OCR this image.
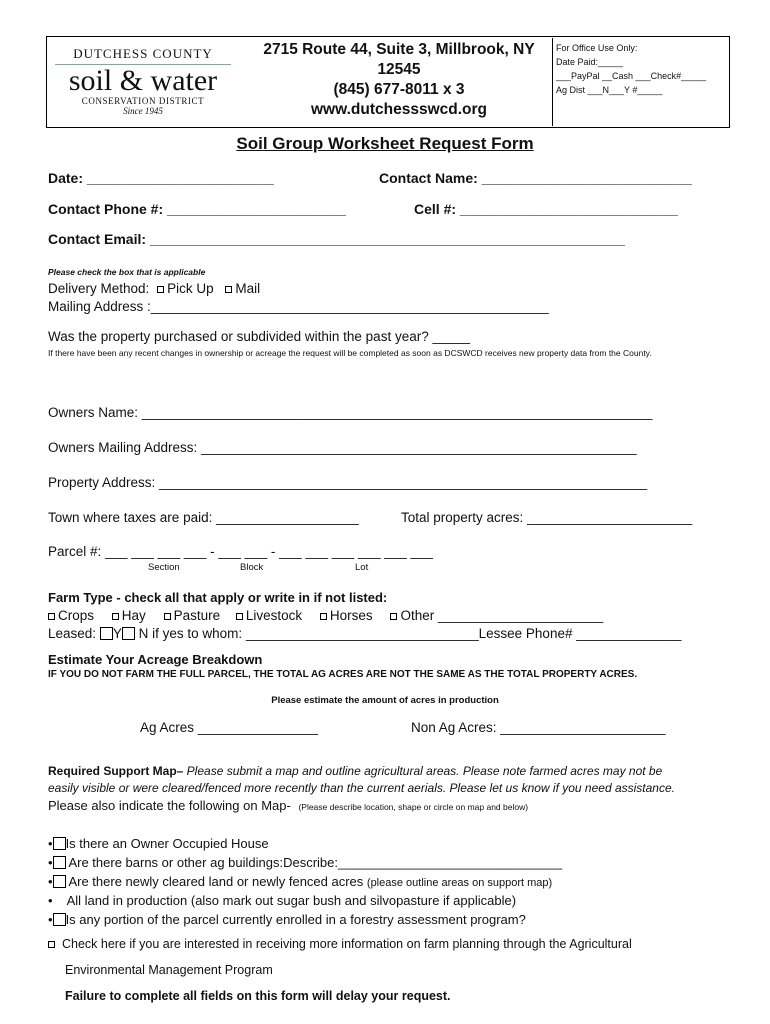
DUTCHESS COUNTY
soil & water
CONSERVATION DISTRICT
Since 1945
2715 Route 44, Suite 3, Millbrook, NY
12545
(845) 677-8011 x 3
www.dutchessswcd.org
For Office Use Only:
Date Paid:_____
___PayPal __Cash ___Check#_____
Ag Dist ___N___Y #_____
Soil Group Worksheet Request Form
Date: ________________________	Contact Name: ___________________________
Contact Phone #: _______________________	Cell #: ____________________________
Contact Email: _____________________________________________________________
Please check the box that is applicable
Delivery Method: Pick Up Mail
Mailing Address :_____________________________________________________
Was the property purchased or subdivided within the past year? _____
If there have been any recent changes in ownership or acreage the request will be completed as soon as DCSWCD receives new property data from the County.
Owners Name: ____________________________________________________________________
Owners Mailing Address: __________________________________________________________
Property Address: _________________________________________________________________
Town where taxes are paid: ___________________	Total property acres: ______________________
Parcel #: ___ ___ ___ ___ - ___ ___ - ___ ___ ___ ___ ___ ___
Section	Block	Lot
Farm Type - check all that apply or write in if not listed:
Crops Hay Pasture Livestock Horses Other ______________________
Leased: Y N if yes to whom: _______________________________Lessee Phone# ______________
Estimate Your Acreage Breakdown
IF YOU DO NOT FARM THE FULL PARCEL, THE TOTAL AG ACRES ARE NOT THE SAME AS THE TOTAL PROPERTY ACRES.
Please estimate the amount of acres in production
Ag Acres ________________	Non Ag Acres: ______________________
Required Support Map– Please submit a map and outline agricultural areas. Please note farmed acres may not be
easily visible or were cleared/fenced more recently than the current aerials. Please let us know if you need assistance.
Please also indicate the following on Map- (Please describe location, shape or circle on map and below)
• Is there an Owner Occupied House
• Are there barns or other ag buildings:Describe:_______________________________
• Are there newly cleared land or newly fenced acres (please outline areas on support map)
• All land in production (also mark out sugar bush and silvopasture if applicable)
• Is any portion of the parcel currently enrolled in a forestry assessment program?
Check here if you are interested in receiving more information on farm planning through the Agricultural
Environmental Management Program
Failure to complete all fields on this form will delay your request.
